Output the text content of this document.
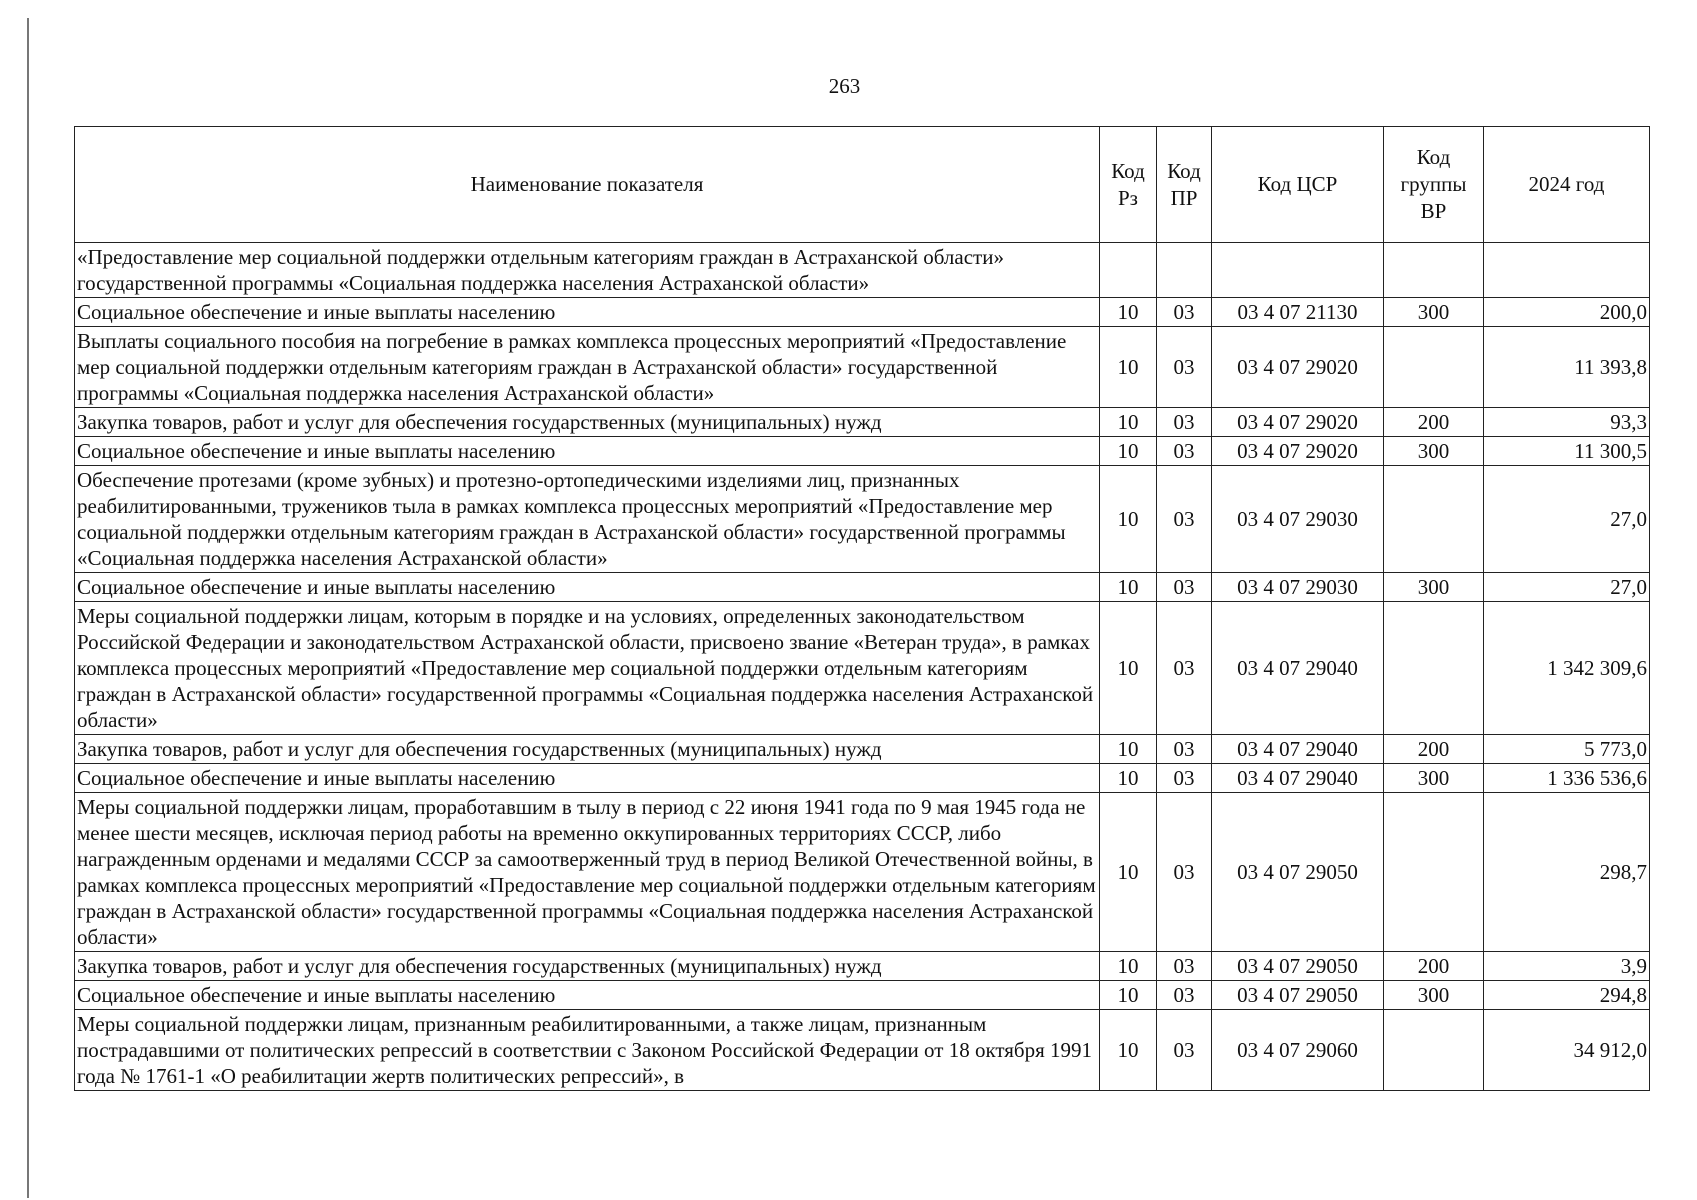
263
Наименование показателя	Код Рз	Код ПР	Код ЦСР	Код группы ВР	2024 год
«Предоставление мер социальной поддержки отдельным категориям граждан в Астраханской области» государственной программы «Социальная поддержка населения Астраханской области»					
Социальное обеспечение и иные выплаты населению	10	03	03 4 07 21130	300	200,0
Выплаты социального пособия на погребение в рамках комплекса процессных мероприятий «Предоставление мер социальной поддержки отдельным категориям граждан в Астраханской области» государственной программы «Социальная поддержка населения Астраханской области»	10	03	03 4 07 29020		11 393,8
Закупка товаров, работ и услуг для обеспечения государственных (муниципальных) нужд	10	03	03 4 07 29020	200	93,3
Социальное обеспечение и иные выплаты населению	10	03	03 4 07 29020	300	11 300,5
Обеспечение протезами (кроме зубных) и протезно-ортопедическими изделиями лиц, признанных реабилитированными, тружеников тыла в рамках комплекса процессных мероприятий «Предоставление мер социальной поддержки отдельным категориям граждан в Астраханской области» государственной программы «Социальная поддержка населения Астраханской области»	10	03	03 4 07 29030		27,0
Социальное обеспечение и иные выплаты населению	10	03	03 4 07 29030	300	27,0
Меры социальной поддержки лицам, которым в порядке и на условиях, определенных законодательством Российской Федерации и законодательством Астраханской области, присвоено звание «Ветеран труда», в рамках комплекса процессных мероприятий «Предоставление мер социальной поддержки отдельным категориям граждан в Астраханской области» государственной программы «Социальная поддержка населения Астраханской области»	10	03	03 4 07 29040		1 342 309,6
Закупка товаров, работ и услуг для обеспечения государственных (муниципальных) нужд	10	03	03 4 07 29040	200	5 773,0
Социальное обеспечение и иные выплаты населению	10	03	03 4 07 29040	300	1 336 536,6
Меры социальной поддержки лицам, проработавшим в тылу в период с 22 июня 1941 года по 9 мая 1945 года не менее шести месяцев, исключая период работы на временно оккупированных территориях СССР, либо награжденным орденами и медалями СССР за самоотверженный труд в период Великой Отечественной войны, в рамках комплекса процессных мероприятий «Предоставление мер социальной поддержки отдельным категориям граждан в Астраханской области» государственной программы «Социальная поддержка населения Астраханской области»	10	03	03 4 07 29050		298,7
Закупка товаров, работ и услуг для обеспечения государственных (муниципальных) нужд	10	03	03 4 07 29050	200	3,9
Социальное обеспечение и иные выплаты населению	10	03	03 4 07 29050	300	294,8
Меры социальной поддержки лицам, признанным реабилитированными, а также лицам, признанным пострадавшими от политических репрессий в соответствии с Законом Российской Федерации от 18 октября 1991 года № 1761-1 «О реабилитации жертв политических репрессий», в	10	03	03 4 07 29060		34 912,0
